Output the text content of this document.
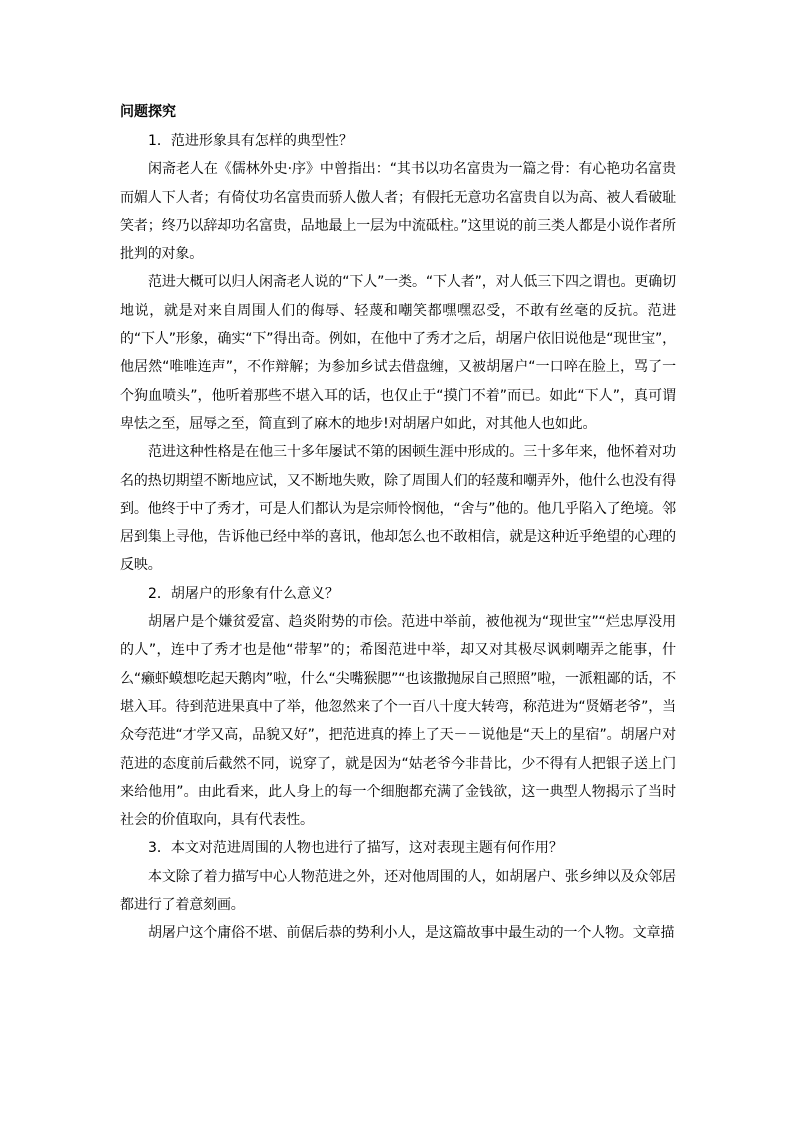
问题探究

1．范进形象具有怎样的典型性？

闲斋老人在《儒林外史·序》中曾指出：“其书以功名富贵为一篇之骨：有心艳功名富贵而媚人下人者；有倚仗功名富贵而骄人傲人者；有假托无意功名富贵自以为高、被人看破耻笑者；终乃以辞却功名富贵，品地最上一层为中流砥柱。”这里说的前三类人都是小说作者所批判的对象。

范进大概可以归人闲斋老人说的“下人”一类。“下人者”，对人低三下四之谓也。更确切地说，就是对来自周围人们的侮辱、轻蔑和嘲笑都嘿嘿忍受，不敢有丝毫的反抗。范进的“下人”形象，确实“下”得出奇。例如，在他中了秀才之后，胡屠户依旧说他是“现世宝”，他居然“唯唯连声”，不作辩解；为参加乡试去借盘缠，又被胡屠户“一口啐在脸上，骂了一个狗血喷头”，他听着那些不堪入耳的话，也仅止于“摸门不着”而已。如此“下人”，真可谓卑怯之至，屈辱之至，简直到了麻木的地步!对胡屠户如此，对其他人也如此。

范进这种性格是在他三十多年屡试不第的困顿生涯中形成的。三十多年来，他怀着对功名的热切期望不断地应试，又不断地失败，除了周围人们的轻蔑和嘲弄外，他什么也没有得到。他终于中了秀才，可是人们都认为是宗师怜悯他，“舍与”他的。他几乎陷入了绝境。邻居到集上寻他，告诉他已经中举的喜讯，他却怎么也不敢相信，就是这种近乎绝望的心理的反映。

2．胡屠户的形象有什么意义？

胡屠户是个嫌贫爱富、趋炎附势的市侩。范进中举前，被他视为“现世宝”“烂忠厚没用的人”，连中了秀才也是他“带挈”的；希图范进中举，却又对其极尽讽刺嘲弄之能事，什么“癞虾蟆想吃起天鹅肉”啦，什么“尖嘴猴腮”“也该撒抛尿自己照照”啦，一派粗鄙的话，不堪入耳。待到范进果真中了举，他忽然来了个一百八十度大转弯，称范进为“贤婿老爷”，当众夸范进“才学又高，品貌又好”，把范进真的捧上了天－－说他是“天上的星宿”。胡屠户对范进的态度前后截然不同，说穿了，就是因为“姑老爷今非昔比，少不得有人把银子送上门来给他用”。由此看来，此人身上的每一个细胞都充满了金钱欲，这一典型人物揭示了当时社会的价值取向，具有代表性。

3．本文对范进周围的人物也进行了描写，这对表现主题有何作用？

本文除了着力描写中心人物范进之外，还对他周围的人，如胡屠户、张乡绅以及众邻居都进行了着意刻画。

胡屠户这个庸俗不堪、前倨后恭的势利小人，是这篇故事中最生动的一个人物。文章描
